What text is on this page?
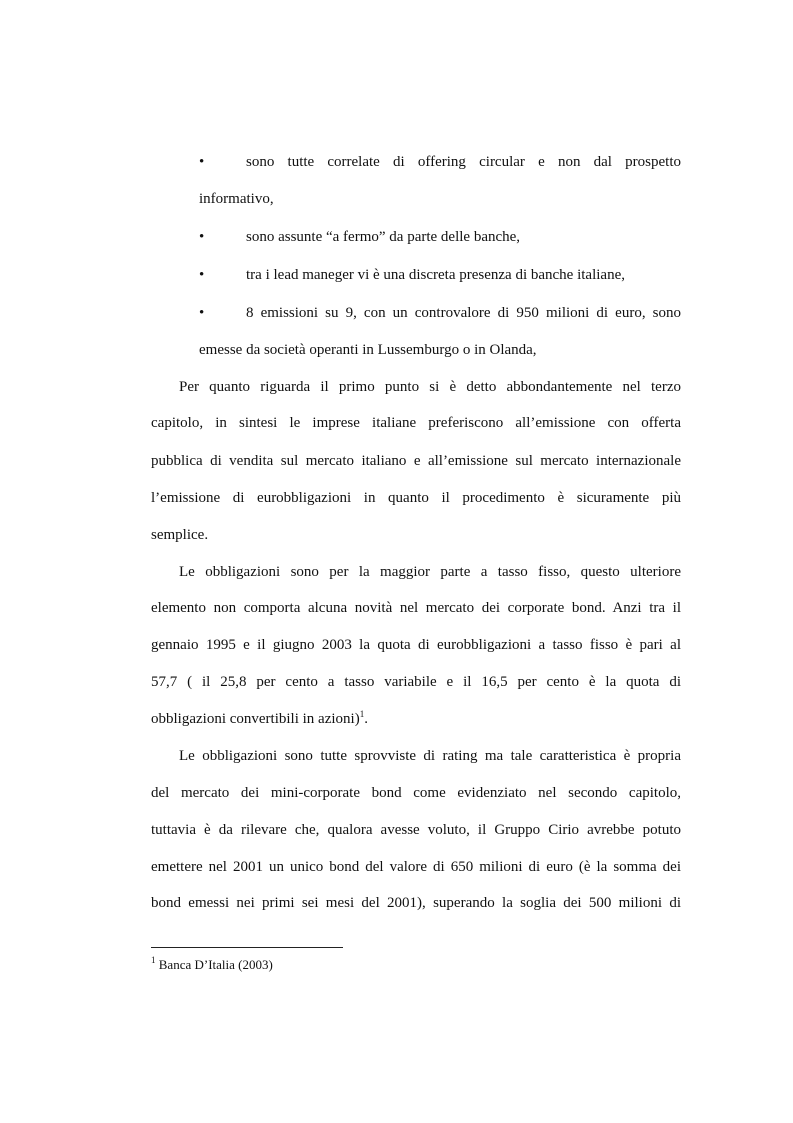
•	sono tutte correlate di offering circular e non dal prospetto
informativo,
•	sono assunte “a fermo” da parte delle banche,
•	tra i lead maneger vi è una discreta presenza di banche italiane,
•	8 emissioni su 9, con un controvalore di 950 milioni di euro, sono
emesse da società operanti in Lussemburgo o in Olanda,
Per quanto riguarda il primo punto si è detto abbondantemente nel terzo
capitolo, in sintesi le imprese italiane preferiscono all’emissione con offerta
pubblica di vendita sul mercato italiano e all’emissione sul mercato internazionale
l’emissione di eurobbligazioni in quanto il procedimento è sicuramente più
semplice.
Le obbligazioni sono per la maggior parte a tasso fisso, questo ulteriore
elemento non comporta alcuna novità nel mercato dei corporate bond. Anzi tra il
gennaio 1995 e il giugno 2003 la quota di eurobbligazioni a tasso fisso è pari al
57,7 ( il 25,8 per cento a tasso variabile e il 16,5 per cento è la quota di
obbligazioni convertibili in azioni)$^1$.
Le obbligazioni sono tutte sprovviste di rating ma tale caratteristica è propria
del mercato dei mini-corporate bond come evidenziato nel secondo capitolo,
tuttavia è da rilevare che, qualora avesse voluto, il Gruppo Cirio avrebbe potuto
emettere nel 2001 un unico bond del valore di 650 milioni di euro (è la somma dei
bond emessi nei primi sei mesi del 2001), superando la soglia dei 500 milioni di
$^1$ Banca D’Italia (2003)
